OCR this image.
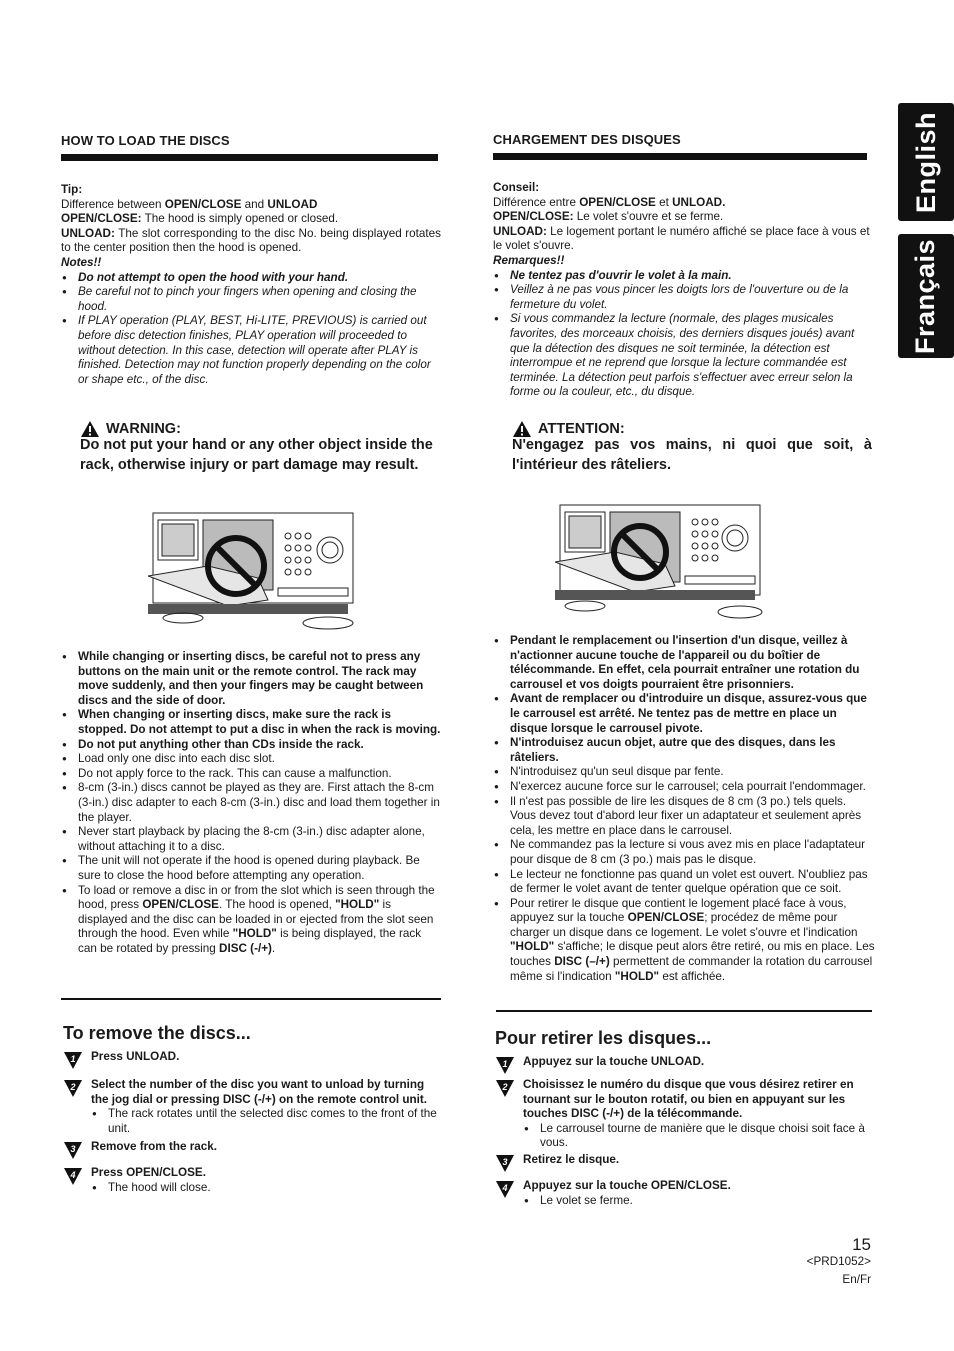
English
Français
HOW TO LOAD THE DISCS

Tip:

Difference between OPEN/CLOSE and UNLOAD

OPEN/CLOSE: The hood is simply opened or closed.

UNLOAD: The slot corresponding to the disc No. being displayed rotates to the center position then the hood is opened.

Notes!!

● Do not attempt to open the hood with your hand.
● Be careful not to pinch your fingers when opening and closing the hood.
● If PLAY operation (PLAY, BEST, Hi-LITE, PREVIOUS) is carried out before disc detection finishes, PLAY operation will proceeded to without detection. In this case, detection will operate after PLAY is finished. Detection may not function properly depending on the color or shape etc., of the disc.
WARNING:
Do not put your hand or any other object inside the rack, otherwise injury or part damage may result.
● While changing or inserting discs, be careful not to press any buttons on the main unit or the remote control. The rack may move suddenly, and then your fingers may be caught between discs and the side of door.
● When changing or inserting discs, make sure the rack is stopped. Do not attempt to put a disc in when the rack is moving.
● Do not put anything other than CDs inside the rack.
● Load only one disc into each disc slot.
● Do not apply force to the rack. This can cause a malfunction.
● 8-cm (3-in.) discs cannot be played as they are. First attach the 8-cm (3-in.) disc adapter to each 8-cm (3-in.) disc and load them together in the player.
● Never start playback by placing the 8-cm (3-in.) disc adapter alone, without attaching it to a disc.
● The unit will not operate if the hood is opened during playback. Be sure to close the hood before attempting any operation.
● To load or remove a disc in or from the slot which is seen through the hood, press OPEN/CLOSE. The hood is opened, "HOLD" is displayed and the disc can be loaded in or ejected from the slot seen through the hood. Even while "HOLD" is being displayed, the rack can be rotated by pressing DISC (-/+).
To remove the discs...
1 Press UNLOAD.
2 Select the number of the disc you want to unload by turning the jog dial or pressing DISC (-/+) on the remote control unit.
● The rack rotates until the selected disc comes to the front of the unit.
3 Remove from the rack.
4 Press OPEN/CLOSE.
● The hood will close.
CHARGEMENT DES DISQUES

Conseil:

Différence entre OPEN/CLOSE et UNLOAD.

OPEN/CLOSE: Le volet s'ouvre et se ferme.

UNLOAD: Le logement portant le numéro affiché se place face à vous et le volet s'ouvre.

Remarques!!

● Ne tentez pas d'ouvrir le volet à la main.
● Veillez à ne pas vous pincer les doigts lors de l'ouverture ou de la fermeture du volet.
● Si vous commandez la lecture (normale, des plages musicales favorites, des morceaux choisis, des derniers disques joués) avant que la détection des disques ne soit terminée, la détection est interrompue et ne reprend que lorsque la lecture commandée est terminée. La détection peut parfois s'effectuer avec erreur selon la forme ou la couleur, etc., du disque.
ATTENTION:
N'engagez pas vos mains, ni quoi que soit, à l'intérieur des râteliers.
● Pendant le remplacement ou l'insertion d'un disque, veillez à n'actionner aucune touche de l'appareil ou du boîtier de télécommande. En effet, cela pourrait entraîner une rotation du carrousel et vos doigts pourraient être prisonniers.
● Avant de remplacer ou d'introduire un disque, assurez-vous que le carrousel est arrêté. Ne tentez pas de mettre en place un disque lorsque le carrousel pivote.
● N'introduisez aucun objet, autre que des disques, dans les râteliers.
● N'introduisez qu'un seul disque par fente.
● N'exercez aucune force sur le carrousel; cela pourrait l'endommager.
● Il n'est pas possible de lire les disques de 8 cm (3 po.) tels quels. Vous devez tout d'abord leur fixer un adaptateur et seulement après cela, les mettre en place dans le carrousel.
● Ne commandez pas la lecture si vous avez mis en place l'adaptateur pour disque de 8 cm (3 po.) mais pas le disque.
● Le lecteur ne fonctionne pas quand un volet est ouvert. N'oubliez pas de fermer le volet avant de tenter quelque opération que ce soit.
● Pour retirer le disque que contient le logement placé face à vous, appuyez sur la touche OPEN/CLOSE; procédez de même pour charger un disque dans ce logement. Le volet s'ouvre et l'indication "HOLD" s'affiche; le disque peut alors être retiré, ou mis en place. Les touches DISC (–/+) permettent de commander la rotation du carrousel même si l'indication "HOLD" est affichée.
Pour retirer les disques...
1 Appuyez sur la touche UNLOAD.
2 Choisissez le numéro du disque que vous désirez retirer en tournant sur le bouton rotatif, ou bien en appuyant sur les touches DISC (-/+) de la télécommande.
● Le carrousel tourne de manière que le disque choisi soit face à vous.
3 Retirez le disque.
4 Appuyez sur la touche OPEN/CLOSE.
● Le volet se ferme.
15
<PRD1052>
En/Fr
